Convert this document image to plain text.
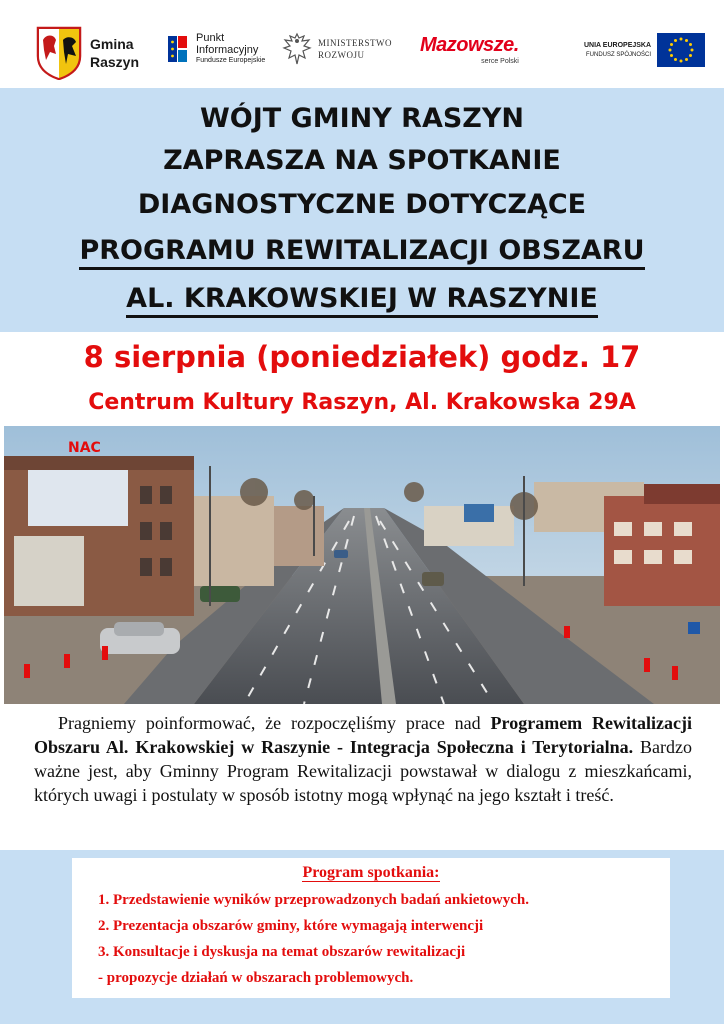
Gmina
Raszyn
Punkt
Informacyjny
Fundusze Europejskie
MINISTERSTWO
ROZWOJU	Mazowsze.
serce Polski
UNIA EUROPEJSKA
FUNDUSZ SPÓJNOŚCI
WÓJT GMINY RASZYN
ZAPRASZA NA SPOTKANIE
DIAGNOSTYCZNE DOTYCZĄCE
PROGRAMU REWITALIZACJI OBSZARU
AL. KRAKOWSKIEJ W RASZYNIE
8 sierpnia (poniedziałek) godz. 17
Centrum Kultury Raszyn, Al. Krakowska 29A
NAC

Pragniemy poinformować, że rozpoczęliśmy prace nad Programem Rewitalizacji Obszaru Al. Krakowskiej w Raszynie - Integracja Społeczna i Terytorialna. Bardzo ważne jest, aby Gminny Program Rewitalizacji powstawał w dialogu z mieszkańcami, których uwagi i postulaty w sposób istotny mogą wpłynąć na jego kształt i treść.

Program spotkania:
1. Przedstawienie wyników przeprowadzonych badań ankietowych.
2. Prezentacja obszarów gminy, które wymagają interwencji
3. Konsultacje i dyskusja na temat obszarów rewitalizacji
- propozycje działań w obszarach problemowych.
